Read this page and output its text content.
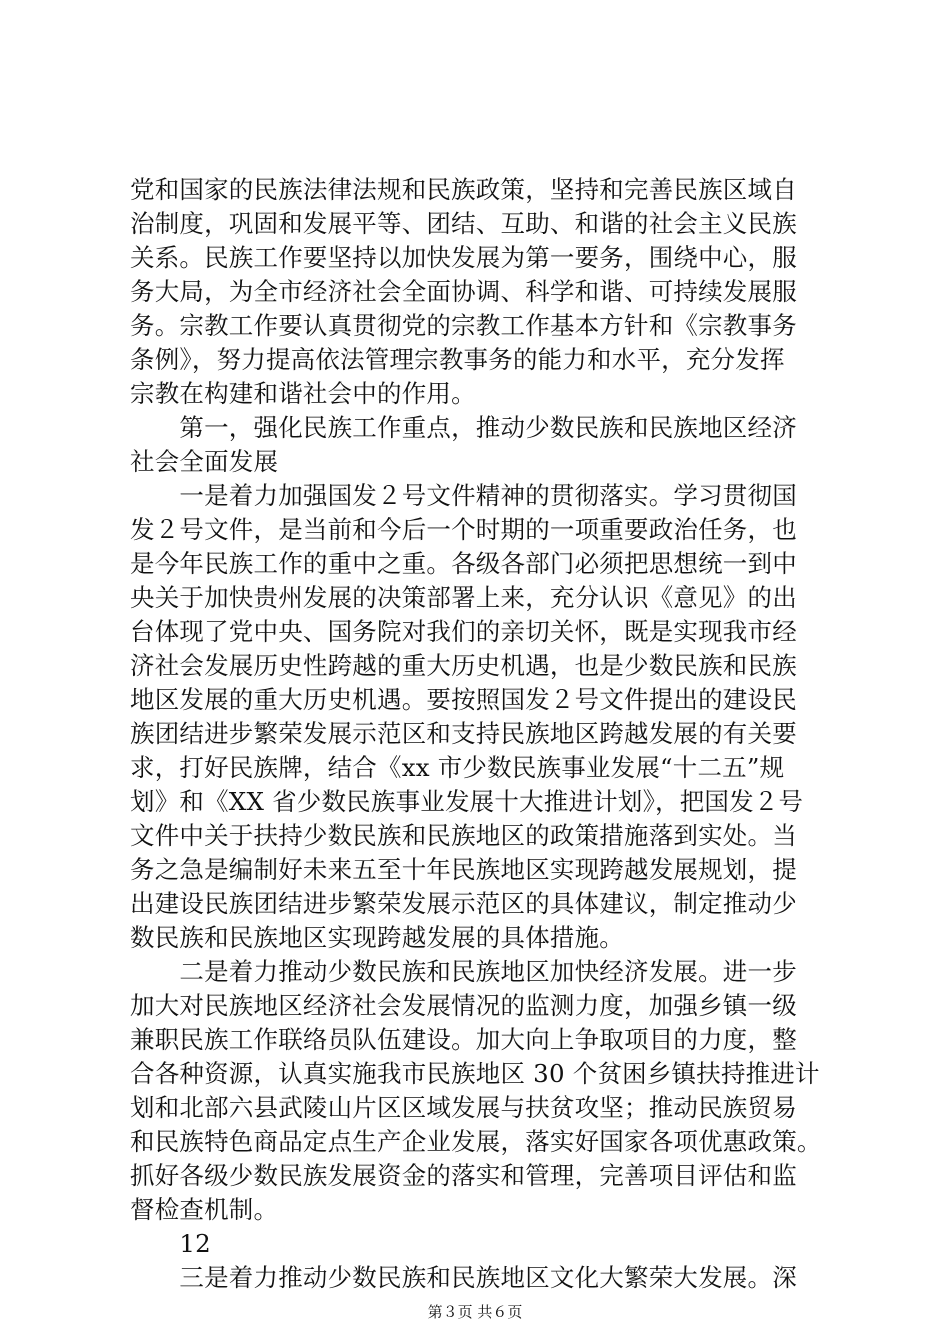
党和国家的民族法律法规和民族政策，坚持和完善民族区域自
治制度，巩固和发展平等、团结、互助、和谐的社会主义民族
关系。民族工作要坚持以加快发展为第一要务，围绕中心，服
务大局，为全市经济社会全面协调、科学和谐、可持续发展服
务。宗教工作要认真贯彻党的宗教工作基本方针和《宗教事务
条例》，努力提高依法管理宗教事务的能力和水平，充分发挥
宗教在构建和谐社会中的作用。
　　第一，强化民族工作重点，推动少数民族和民族地区经济
社会全面发展
　　一是着力加强国发２号文件精神的贯彻落实。学习贯彻国
发２号文件，是当前和今后一个时期的一项重要政治任务，也
是今年民族工作的重中之重。各级各部门必须把思想统一到中
央关于加快贵州发展的决策部署上来，充分认识《意见》的出
台体现了党中央、国务院对我们的亲切关怀，既是实现我市经
济社会发展历史性跨越的重大历史机遇，也是少数民族和民族
地区发展的重大历史机遇。要按照国发２号文件提出的建设民
族团结进步繁荣发展示范区和支持民族地区跨越发展的有关要
求，打好民族牌，结合《xx 市少数民族事业发展“十二五”规
划》和《XX 省少数民族事业发展十大推进计划》，把国发２号
文件中关于扶持少数民族和民族地区的政策措施落到实处。当
务之急是编制好未来五至十年民族地区实现跨越发展规划，提
出建设民族团结进步繁荣发展示范区的具体建议，制定推动少
数民族和民族地区实现跨越发展的具体措施。
　　二是着力推动少数民族和民族地区加快经济发展。进一步
加大对民族地区经济社会发展情况的监测力度，加强乡镇一级
兼职民族工作联络员队伍建设。加大向上争取项目的力度，整
合各种资源，认真实施我市民族地区 30 个贫困乡镇扶持推进计
划和北部六县武陵山片区区域发展与扶贫攻坚；推动民族贸易
和民族特色商品定点生产企业发展，落实好国家各项优惠政策。
抓好各级少数民族发展资金的落实和管理，完善项目评估和监
督检查机制。
　　12
　　三是着力推动少数民族和民族地区文化大繁荣大发展。深
第３页 共６页
